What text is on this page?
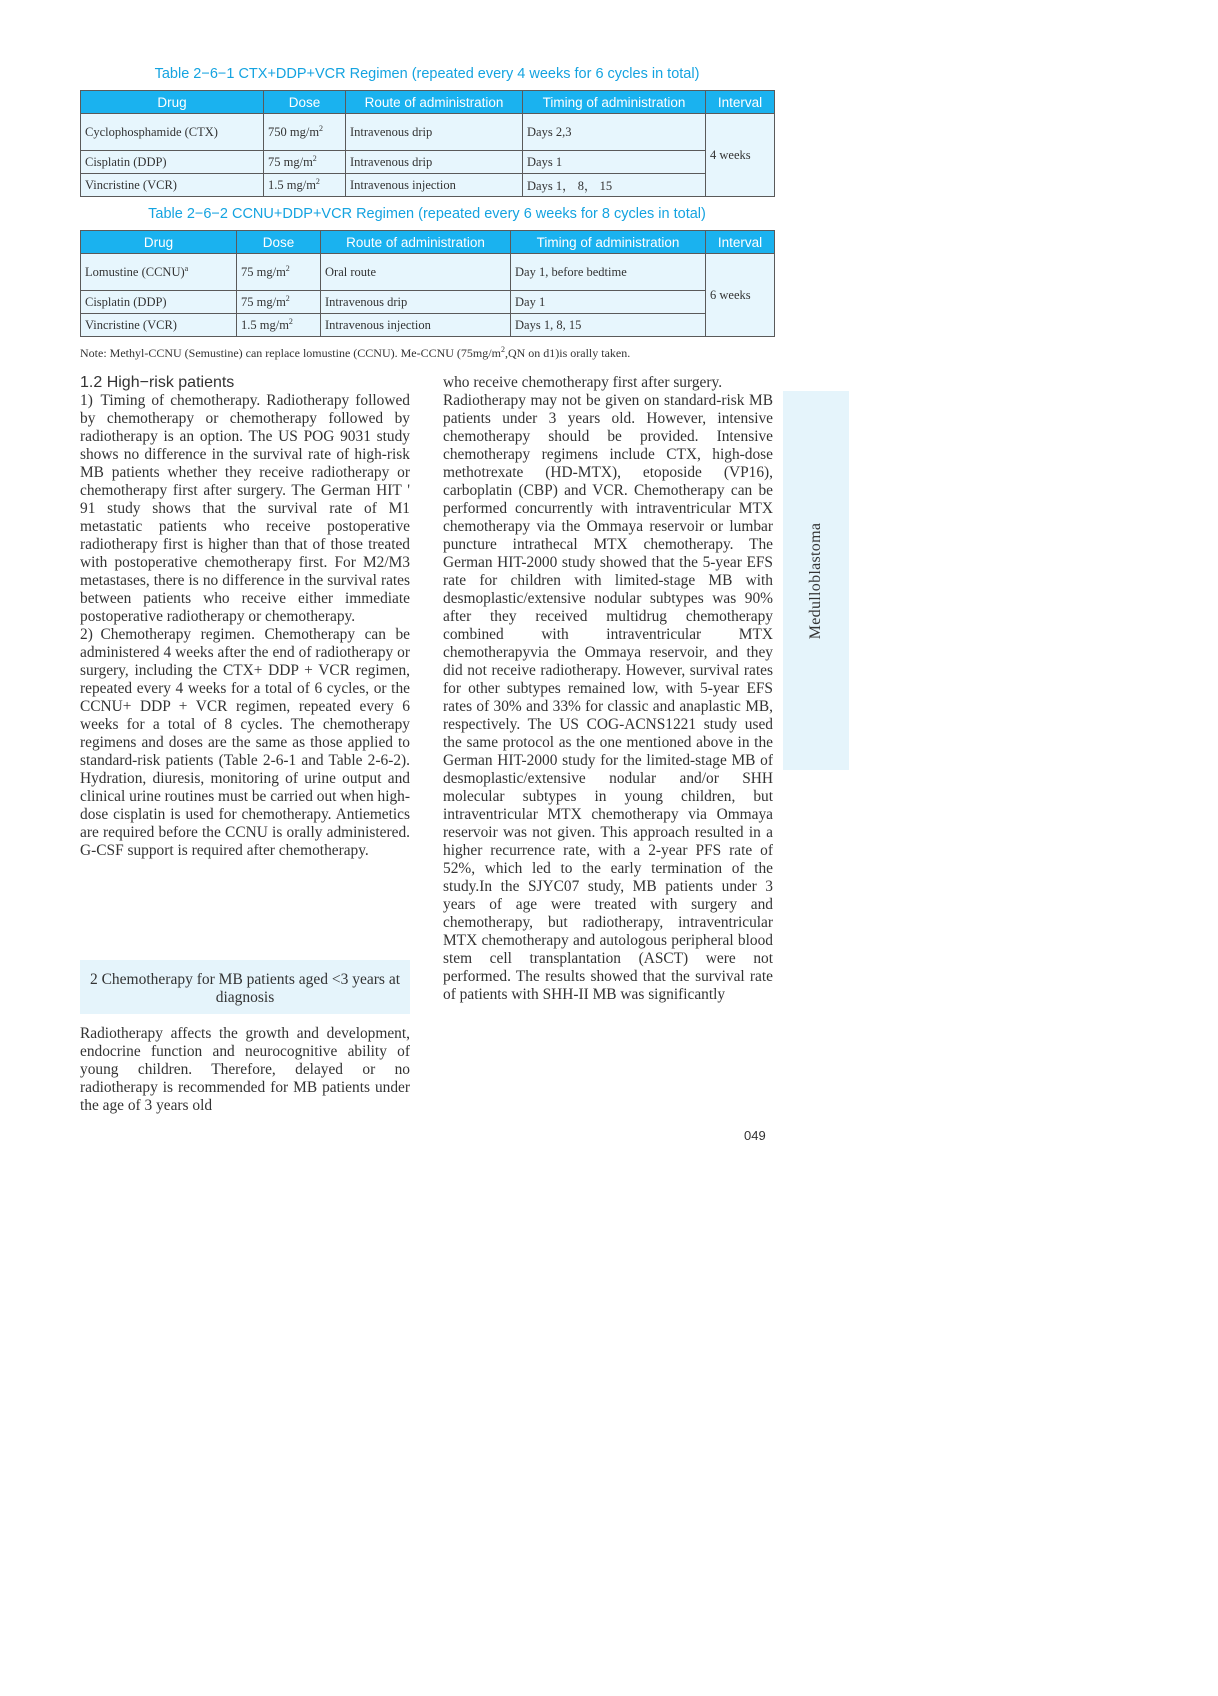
Table 2−6−1 CTX+DDP+VCR Regimen (repeated every 4 weeks for 6 cycles in total)
Drug	Dose	Route of administration	Timing of administration	Interval
Cyclophosphamide (CTX)	750 $mg/m^2$	Intravenous drip	Days 2,3	4 weeks
Cisplatin (DDP)	75 $mg/m^2$	Intravenous drip	Days 1	
Vincristine (VCR)	1.5 $mg/m^2$	Intravenous injection	Days 1， 8， 15	
Table 2−6−2 CCNU+DDP+VCR Regimen (repeated every 6 weeks for 8 cycles in total)
Drug	Dose	Route of administration	Timing of administration	Interval
Lomustine (CCNU)$^a$	75 $mg/m^2$	Oral route	Day 1, before bedtime	6 weeks
Cisplatin (DDP)	75 $mg/m^2$	Intravenous drip	Day 1	
Vincristine (VCR)	1.5 $mg/m^2$	Intravenous injection	Days 1, 8, 15	
Note: Methyl-CCNU (Semustine) can replace lomustine (CCNU). Me-CCNU ($75mg/m^2,QN$ on d1)is orally taken.

1.2 High−risk patients

1) Timing of chemotherapy. Radiotherapy followed by chemotherapy or chemotherapy followed by radiotherapy is an option. The US POG 9031 study shows no difference in the survival rate of high-risk MB patients whether they receive radiotherapy or chemotherapy first after surgery. The German HIT ' 91 study shows that the survival rate of M1 metastatic patients who receive postoperative radiotherapy first is higher than that of those treated with postoperative chemotherapy first. For M2/M3 metastases, there is no difference in the survival rates between patients who receive either immediate postoperative radiotherapy or chemotherapy.

2) Chemotherapy regimen. Chemotherapy can be administered 4 weeks after the end of radiotherapy or surgery, including the CTX+ DDP + VCR regimen, repeated every 4 weeks for a total of 6 cycles, or the CCNU+ DDP + VCR regimen, repeated every 6 weeks for a total of 8 cycles. The chemotherapy regimens and doses are the same as those applied to standard-risk patients (Table 2-6-1 and Table 2-6-2). Hydration, diuresis, monitoring of urine output and clinical urine routines must be carried out when high-dose cisplatin is used for chemotherapy. Antiemetics are required before the CCNU is orally administered. G-CSF support is required after chemotherapy.

2 Chemotherapy for MB patients aged <3 years at diagnosis

Radiotherapy affects the growth and development, endocrine function and neurocognitive ability of young children. Therefore, delayed or no radiotherapy is recommended for MB patients under the age of 3 years old

who receive chemotherapy first after surgery.

Radiotherapy may not be given on standard-risk MB patients under 3 years old. However, intensive chemotherapy should be provided. Intensive chemotherapy regimens include CTX, high-dose methotrexate (HD-MTX), etoposide (VP16), carboplatin (CBP) and VCR. Chemotherapy can be performed concurrently with intraventricular MTX chemotherapy via the Ommaya reservoir or lumbar puncture intrathecal MTX chemotherapy. The German HIT-2000 study showed that the 5-year EFS rate for children with limited-stage MB with desmoplastic/extensive nodular subtypes was 90% after they received multidrug chemotherapy combined with intraventricular MTX chemotherapyvia the Ommaya reservoir, and they did not receive radiotherapy. However, survival rates for other subtypes remained low, with 5-year EFS rates of 30% and 33% for classic and anaplastic MB, respectively. The US COG-ACNS1221 study used the same protocol as the one mentioned above in the German HIT-2000 study for the limited-stage MB of desmoplastic/extensive nodular and/or SHH molecular subtypes in young children, but intraventricular MTX chemotherapy via Ommaya reservoir was not given. This approach resulted in a higher recurrence rate, with a 2-year PFS rate of 52%, which led to the early termination of the study.In the SJYC07 study, MB patients under 3 years of age were treated with surgery and chemotherapy, but radiotherapy, intraventricular MTX chemotherapy and autologous peripheral blood stem cell transplantation (ASCT) were not performed. The results showed that the survival rate of patients with SHH-II MB was significantly

Medulloblastoma
049
